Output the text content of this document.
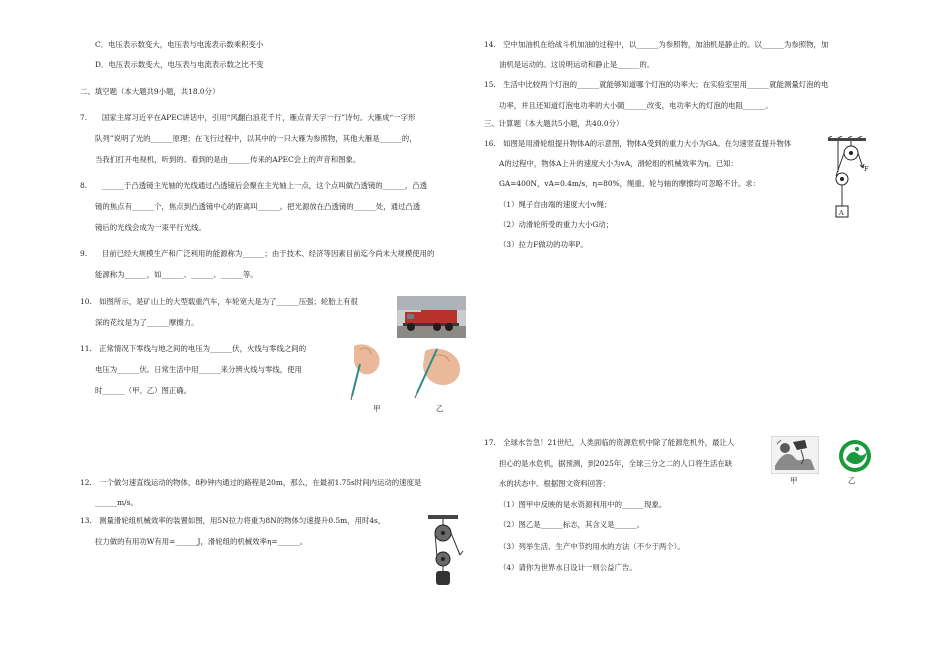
C．电压表示数变大，电压表与电流表示数乘积变小
D．电压表示数变大，电压表与电流表示数之比不变
二、填空题（本大题共9小题，共18.0分）
7.　　国家主席习近平在APEC讲话中，引用“风翻白浪花千片，雁点青天字一行”诗句。大雁成“一字形
队列”说明了光的______原理；在飞行过程中，以其中的一只大雁为参照物，其他大雁是______的，
当我们打开电视机，听到的、看到的是由______传来的APEC会上的声音和图象。
8.　　______于凸透镜主光轴的光线通过凸透镜后会聚在主光轴上一点，这个点叫做凸透镜的______，凸透
镜的焦点有______个，焦点到凸透镜中心的距离叫______。把光源放在凸透镜的______处，通过凸透
镜后的光线会成为一束平行光线。
9.　　目前已经大规模生产和广泛利用的能源称为______；由于技术、经济等因素目前迄今尚未大规模使用的
能源称为______，如______、______、______等。
10.　如图所示，是矿山上的大型载重汽车，车轮宽大是为了______压强；轮胎上有很
深的花纹是为了______摩擦力。
11.　正常情况下零线与地之间的电压为______伏，火线与零线之间的
电压为______伏。日常生活中用______来分辨火线与零线，使用
时______（甲、乙）图正确。
甲	乙
12.　一个做匀速直线运动的物体，8秒钟内通过的路程是20m，那么，在最初1.75s时间内运动的速度是
______m/s。
13.　测量滑轮组机械效率的装置如图，用5N拉力将重为8N的物体匀速提升0.5m，用时4s，
拉力做的有用功W有用=______J，滑轮组的机械效率η=______。
14.　空中加油机在给战斗机加油的过程中，以______为参照物，加油机是静止的。以______为参照物，加
油机是运动的。这说明运动和静止是______的。
15.　生活中比较两个灯泡的______就能够知道哪个灯泡的功率大；在实验室里用______就能测量灯泡的电
功率，并且还知道灯泡电功率的大小随______改变，电功率大的灯泡的电阻______。
三、计算题（本大题共5小题，共40.0分）
16.　如图是用滑轮组提升物体A的示意图，物体A受到的重力大小为GA。在匀速竖直提升物体
A的过程中，物体A上升的速度大小为vA，滑轮组的机械效率为η。已知：
GA=400N，vA=0.4m/s，η=80%，绳重、轮与轴的摩擦均可忽略不计。求：
（1）绳子自由端的速度大小v绳；
（2）动滑轮所受的重力大小G动；
（3）拉力F做功的功率P。
F
A
17.　全球水告急！21世纪，人类面临的资源危机中除了能源危机外，最让人
担心的是水危机，据预测，到2025年，全球三分之二的人口将生活在缺
水的状态中。根据图文资料回答：
（1）图甲中反映的是水资源利用中的______现象。
（2）图乙是______标志，其含义是______。
（3）列举生活、生产中节约用水的方法（不少于两个）。
（4）请你为世界水日设计一则公益广告。
甲	乙
